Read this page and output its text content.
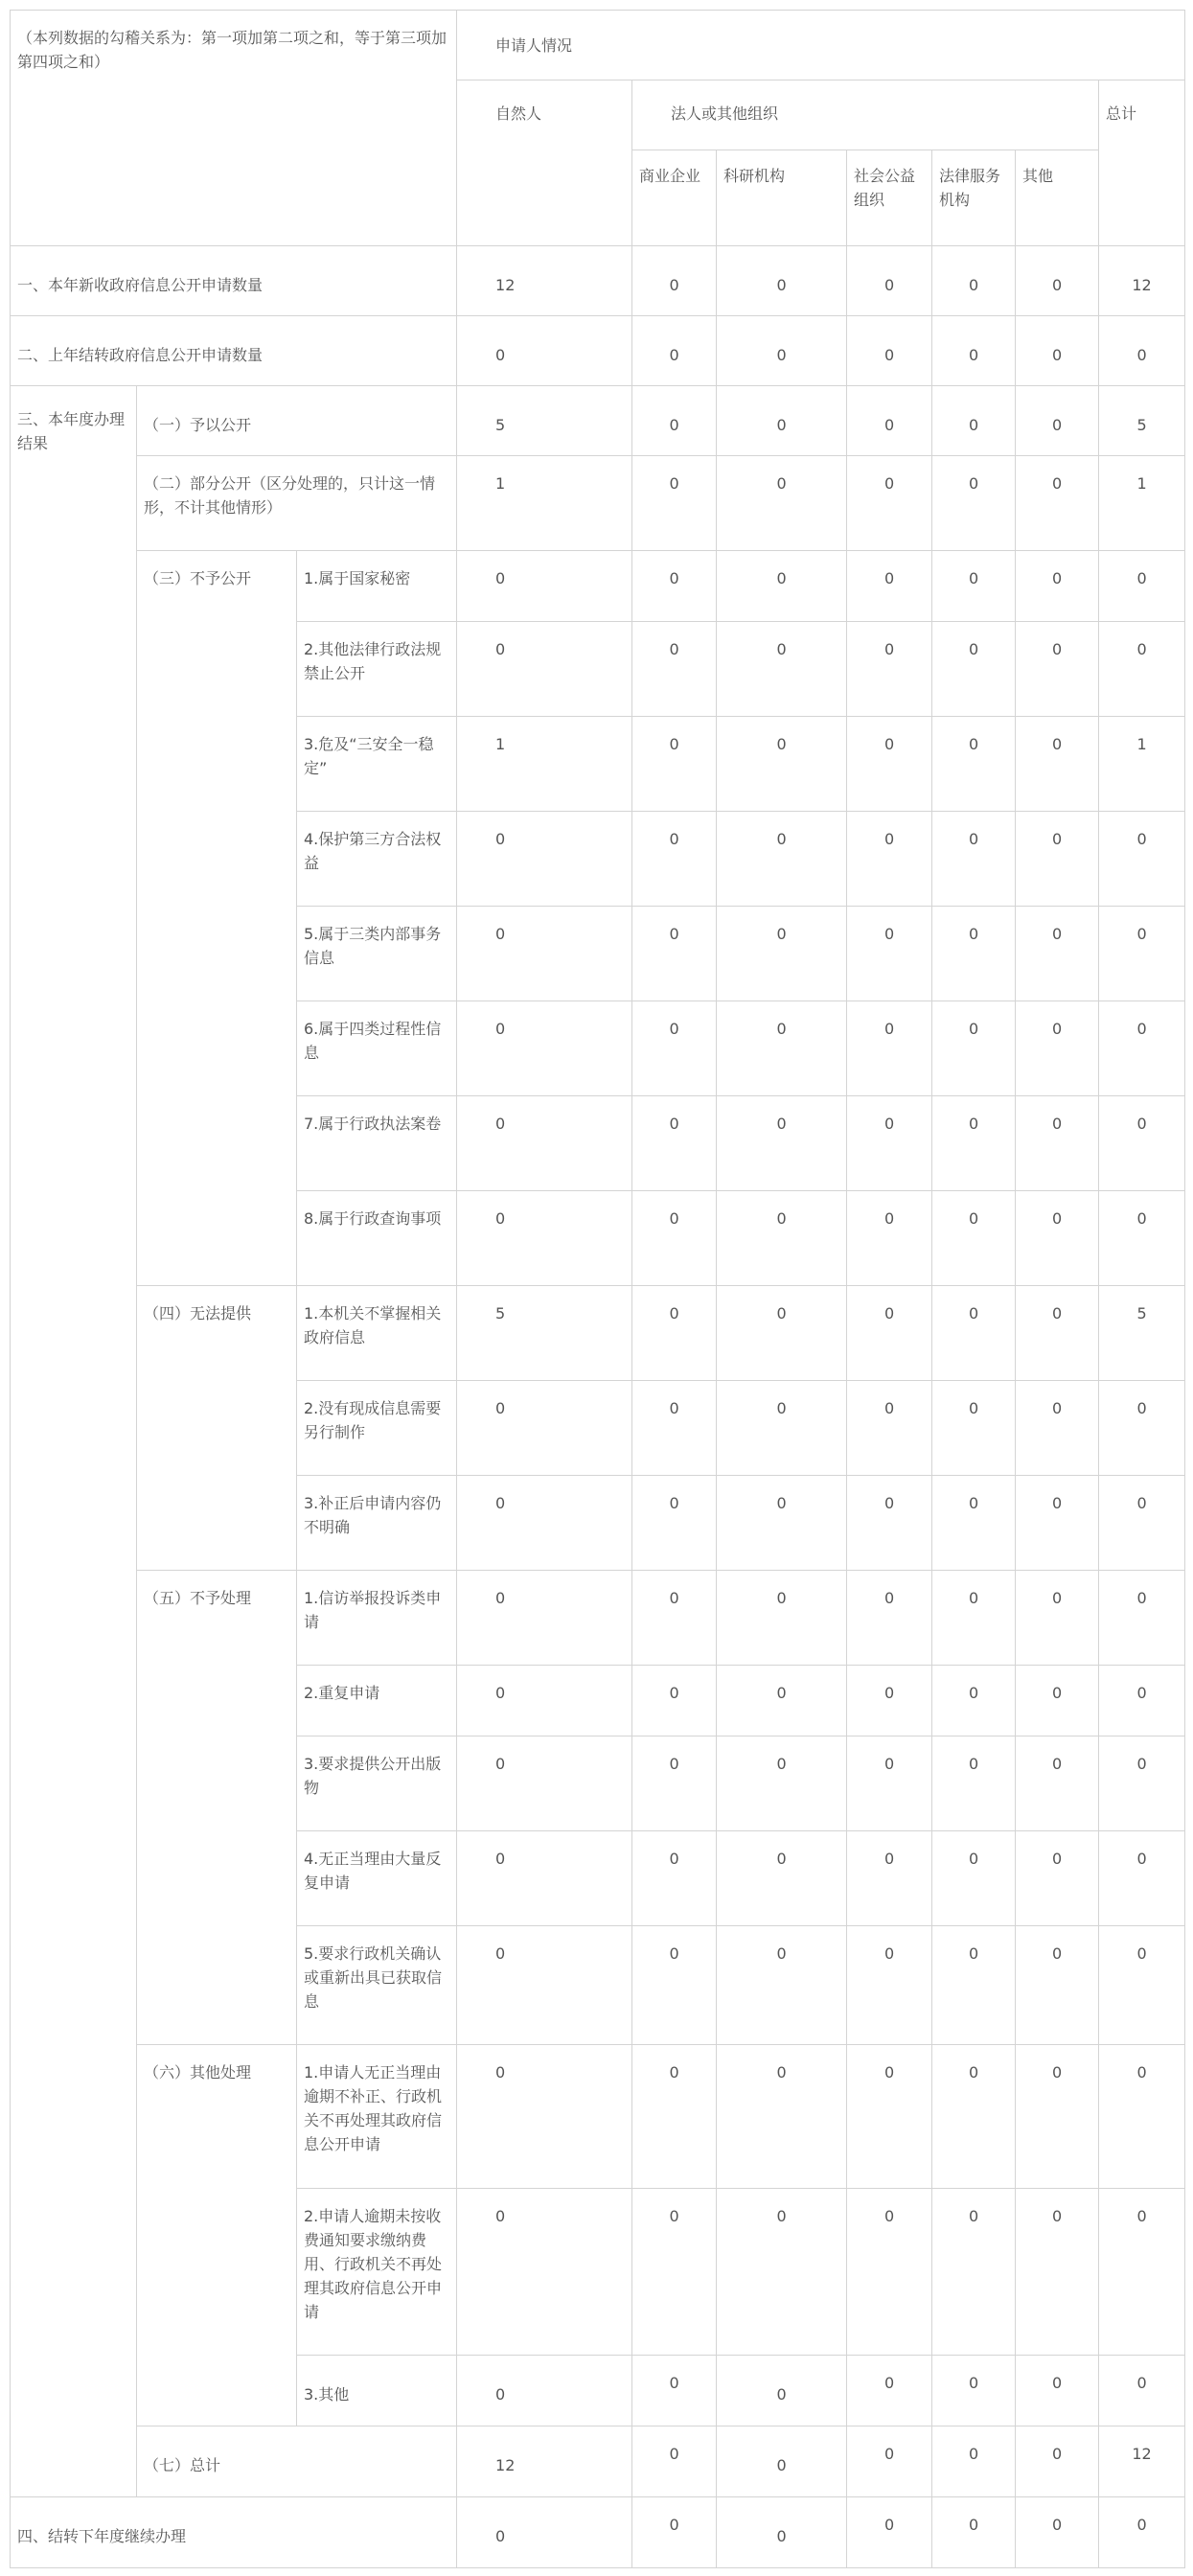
（本列数据的勾稽关系为：第一项加第二项之和，等于第三项加第四项之和）			申请人情况						
			自然人	法人或其他组织					总计
				商业企业	科研机构	社会公益组织	法律服务机构	其他	
一、本年新收政府信息公开申请数量			12	0	0	0	0	0	12
二、上年结转政府信息公开申请数量			0	0	0	0	0	0	0
三、本年度办理结果	（一）予以公开		5	0	0	0	0	0	5
	（二）部分公开（区分处理的，只计这一情形，不计其他情形）		1	0	0	0	0	0	1
	（三）不予公开	1.属于国家秘密	0	0	0	0	0	0	0
		2.其他法律行政法规禁止公开	0	0	0	0	0	0	0
		3.危及“三安全一稳定”	1	0	0	0	0	0	1
		4.保护第三方合法权益	0	0	0	0	0	0	0
		5.属于三类内部事务信息	0	0	0	0	0	0	0
		6.属于四类过程性信息	0	0	0	0	0	0	0
		7.属于行政执法案卷	0	0	0	0	0	0	0
		8.属于行政查询事项	0	0	0	0	0	0	0
	（四）无法提供	1.本机关不掌握相关政府信息	5	0	0	0	0	0	5
		2.没有现成信息需要另行制作	0	0	0	0	0	0	0
		3.补正后申请内容仍不明确	0	0	0	0	0	0	0
	（五）不予处理	1.信访举报投诉类申请	0	0	0	0	0	0	0
		2.重复申请	0	0	0	0	0	0	0
		3.要求提供公开出版物	0	0	0	0	0	0	0
		4.无正当理由大量反复申请	0	0	0	0	0	0	0
		5.要求行政机关确认或重新出具已获取信息	0	0	0	0	0	0	0
	（六）其他处理	1.申请人无正当理由逾期不补正、行政机关不再处理其政府信息公开申请	0	0	0	0	0	0	0
		2.申请人逾期未按收费通知要求缴纳费用、行政机关不再处理其政府信息公开申请	0	0	0	0	0	0	0
		3.其他	0	0	0	0	0	0	0
	（七）总计		12	0	0	0	0	0	12
四、结转下年度继续办理			0	0	0	0	0	0	0
